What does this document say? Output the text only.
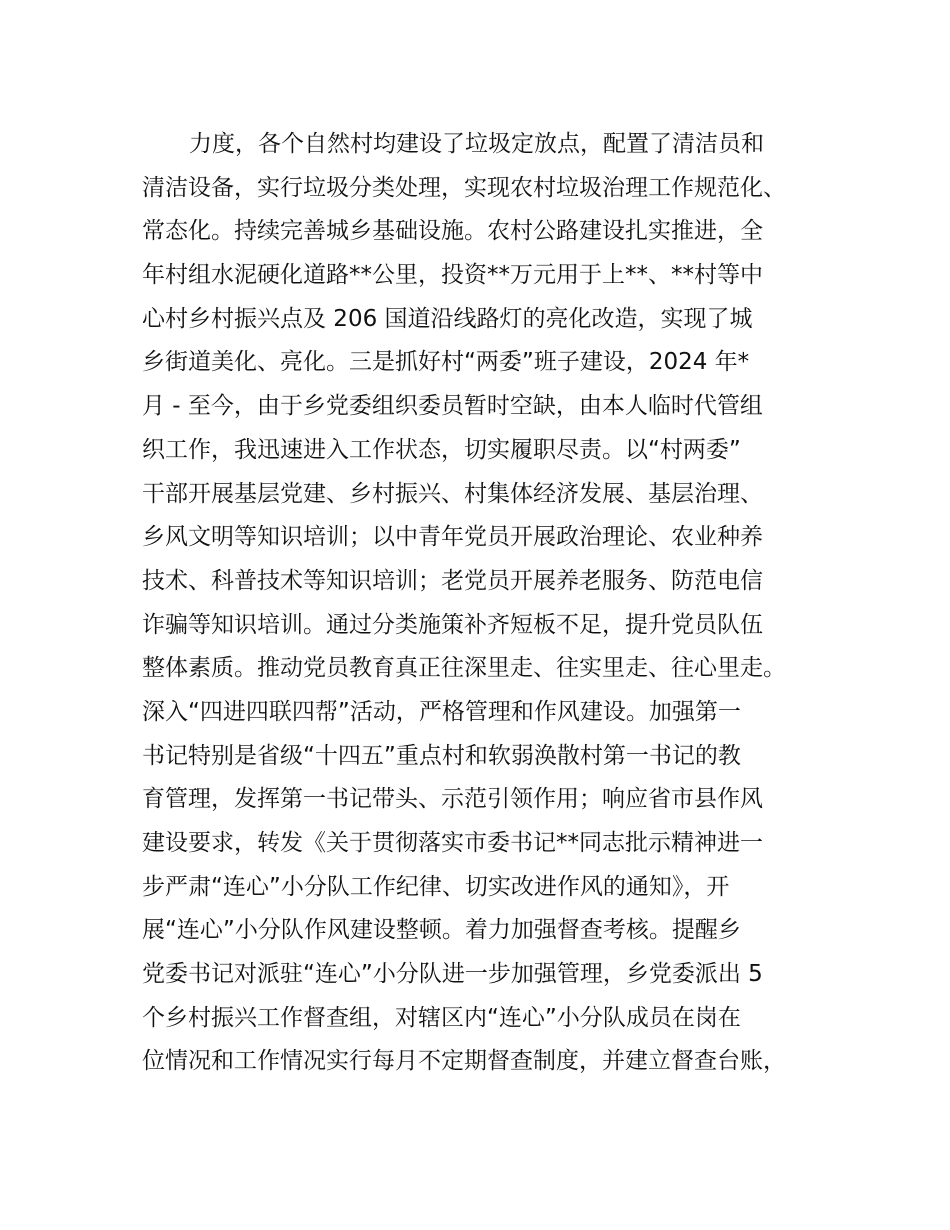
力度，各个自然村均建设了垃圾定放点，配置了清洁员和
清洁设备，实行垃圾分类处理，实现农村垃圾治理工作规范化、
常态化。持续完善城乡基础设施。农村公路建设扎实推进，全
年村组水泥硬化道路**公里，投资**万元用于上**、**村等中
心村乡村振兴点及 206 国道沿线路灯的亮化改造，实现了城
乡街道美化、亮化。三是抓好村“两委”班子建设，2024 年*
月 - 至今，由于乡党委组织委员暂时空缺，由本人临时代管组
织工作，我迅速进入工作状态，切实履职尽责。以“村两委”
干部开展基层党建、乡村振兴、村集体经济发展、基层治理、
乡风文明等知识培训；以中青年党员开展政治理论、农业种养
技术、科普技术等知识培训；老党员开展养老服务、防范电信
诈骗等知识培训。通过分类施策补齐短板不足，提升党员队伍
整体素质。推动党员教育真正往深里走、往实里走、往心里走。
深入“四进四联四帮”活动，严格管理和作风建设。加强第一
书记特别是省级“十四五”重点村和软弱涣散村第一书记的教
育管理，发挥第一书记带头、示范引领作用；响应省市县作风
建设要求，转发《关于贯彻落实市委书记**同志批示精神进一
步严肃“连心”小分队工作纪律、切实改进作风的通知》，开
展“连心”小分队作风建设整顿。着力加强督查考核。提醒乡
党委书记对派驻“连心”小分队进一步加强管理，乡党委派出 5
个乡村振兴工作督查组，对辖区内“连心”小分队成员在岗在
位情况和工作情况实行每月不定期督查制度，并建立督查台账，
